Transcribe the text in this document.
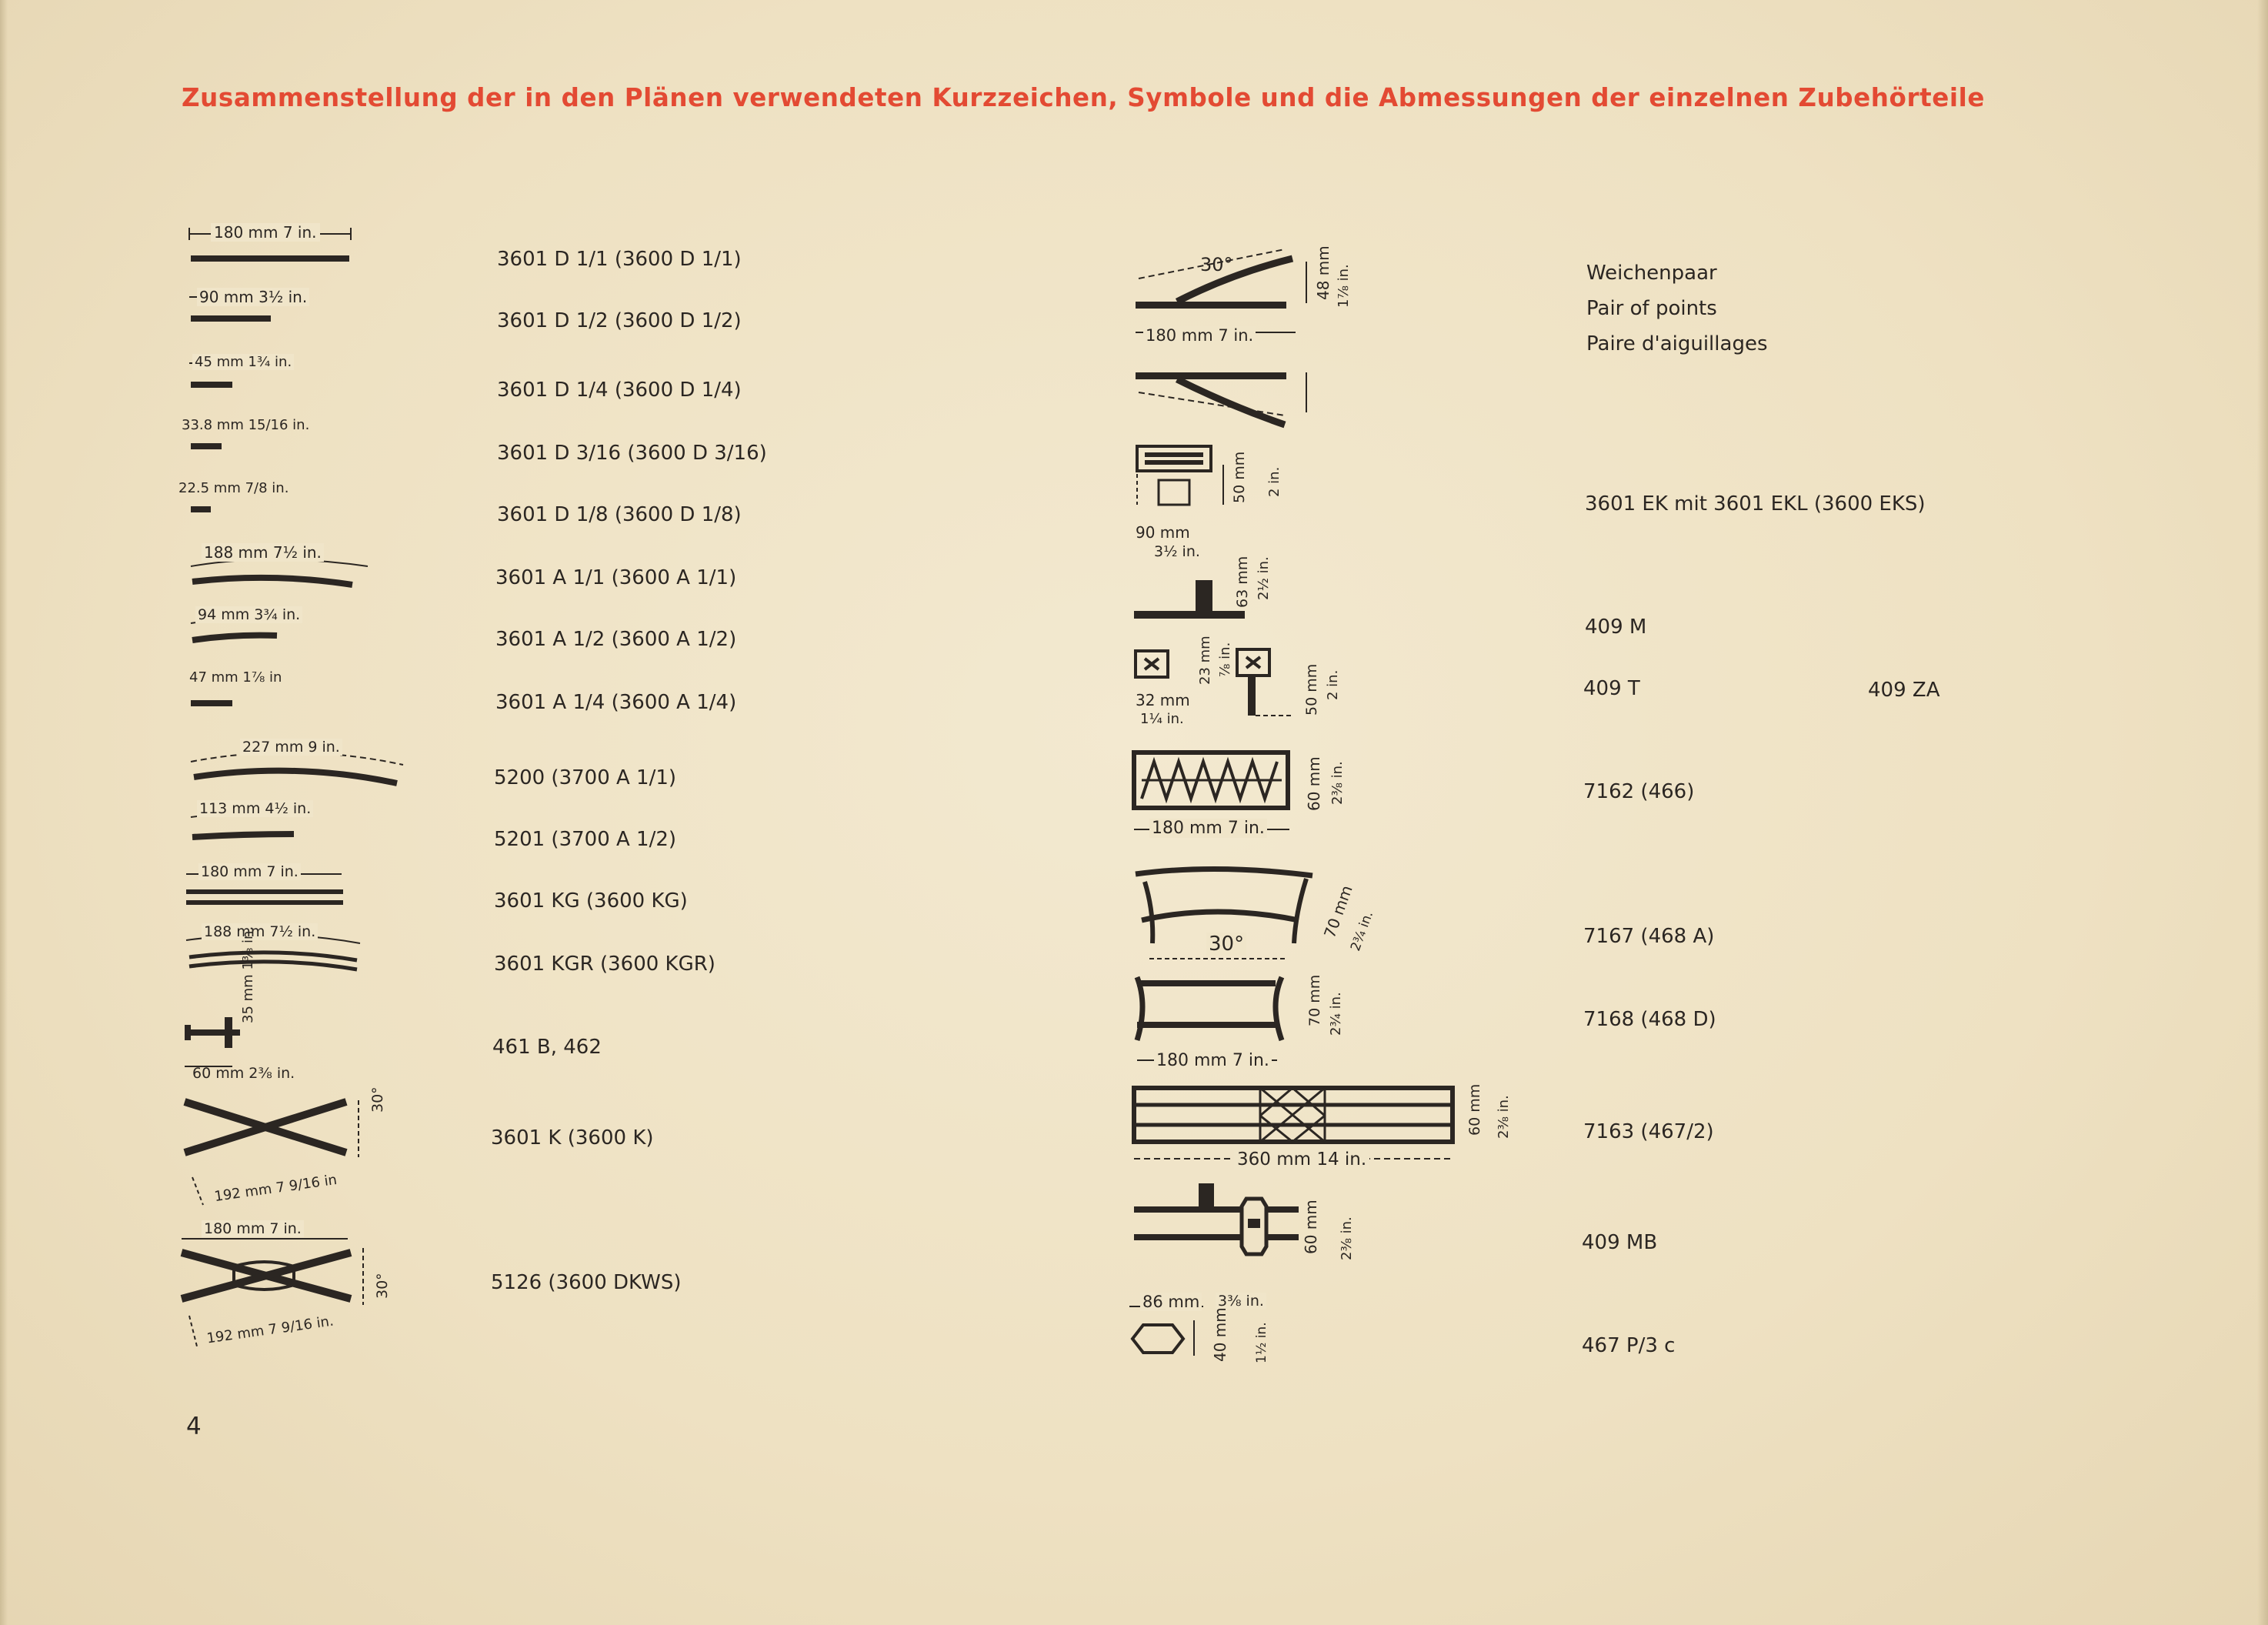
Zusammenstellung der in den Plänen verwendeten Kurzzeichen, Symbole und die Abmessungen der einzelnen Zubehörteile
180 mm 7 in.
3601 D 1/1 (3600 D 1/1)
90 mm 3½ in.
3601 D 1/2 (3600 D 1/2)
45 mm 1¾ in.
3601 D 1/4 (3600 D 1/4)
33.8 mm 15/16 in.
3601 D 3/16 (3600 D 3/16)
22.5 mm 7/8 in.
3601 D 1/8 (3600 D 1/8)
188 mm 7½ in.
3601 A 1/1 (3600 A 1/1)
94 mm 3¾ in.
3601 A 1/2 (3600 A 1/2)
47 mm 1⅞ in
3601 A 1/4 (3600 A 1/4)
227 mm 9 in.
5200 (3700 A 1/1)
113 mm 4½ in.
5201 (3700 A 1/2)
180 mm 7 in.
3601 KG (3600 KG)
188 mm 7½ in.
3601 KGR (3600 KGR)
60 mm 2⅜ in.
35 mm 1⅜ in.
461 B, 462
30°
192 mm 7 9/16 in
3601 K (3600 K)
180 mm 7 in.
30°
192 mm 7 9/16 in.
5126 (3600 DKWS)
4
180 mm 7 in.
48 mm 1⅞ in.
30°	Weichenpaar
Pair of points
Paire d'aiguillages
90 mm
3½ in.
50 mm 2 in.
3601 EK mit 3601 EKL (3600 EKS)
63 mm 2½ in.
409 M
32 mm
1¼ in.
23 mm ⅞ in.
50 mm 2 in.	409 T	409 ZA
180 mm 7 in.
60 mm 2⅜ in.	7162 (466)
30°
70 mm
2¾ in.	7167 (468 A)
180 mm 7 in.
70 mm 2¾ in.	7168 (468 D)
360 mm 14 in.
60 mm 2⅜ in.	7163 (467/2)
60 mm 2⅜ in.	409 MB
86 mm 3⅜ in.
40 mm 1½ in.	467 P/3 c
